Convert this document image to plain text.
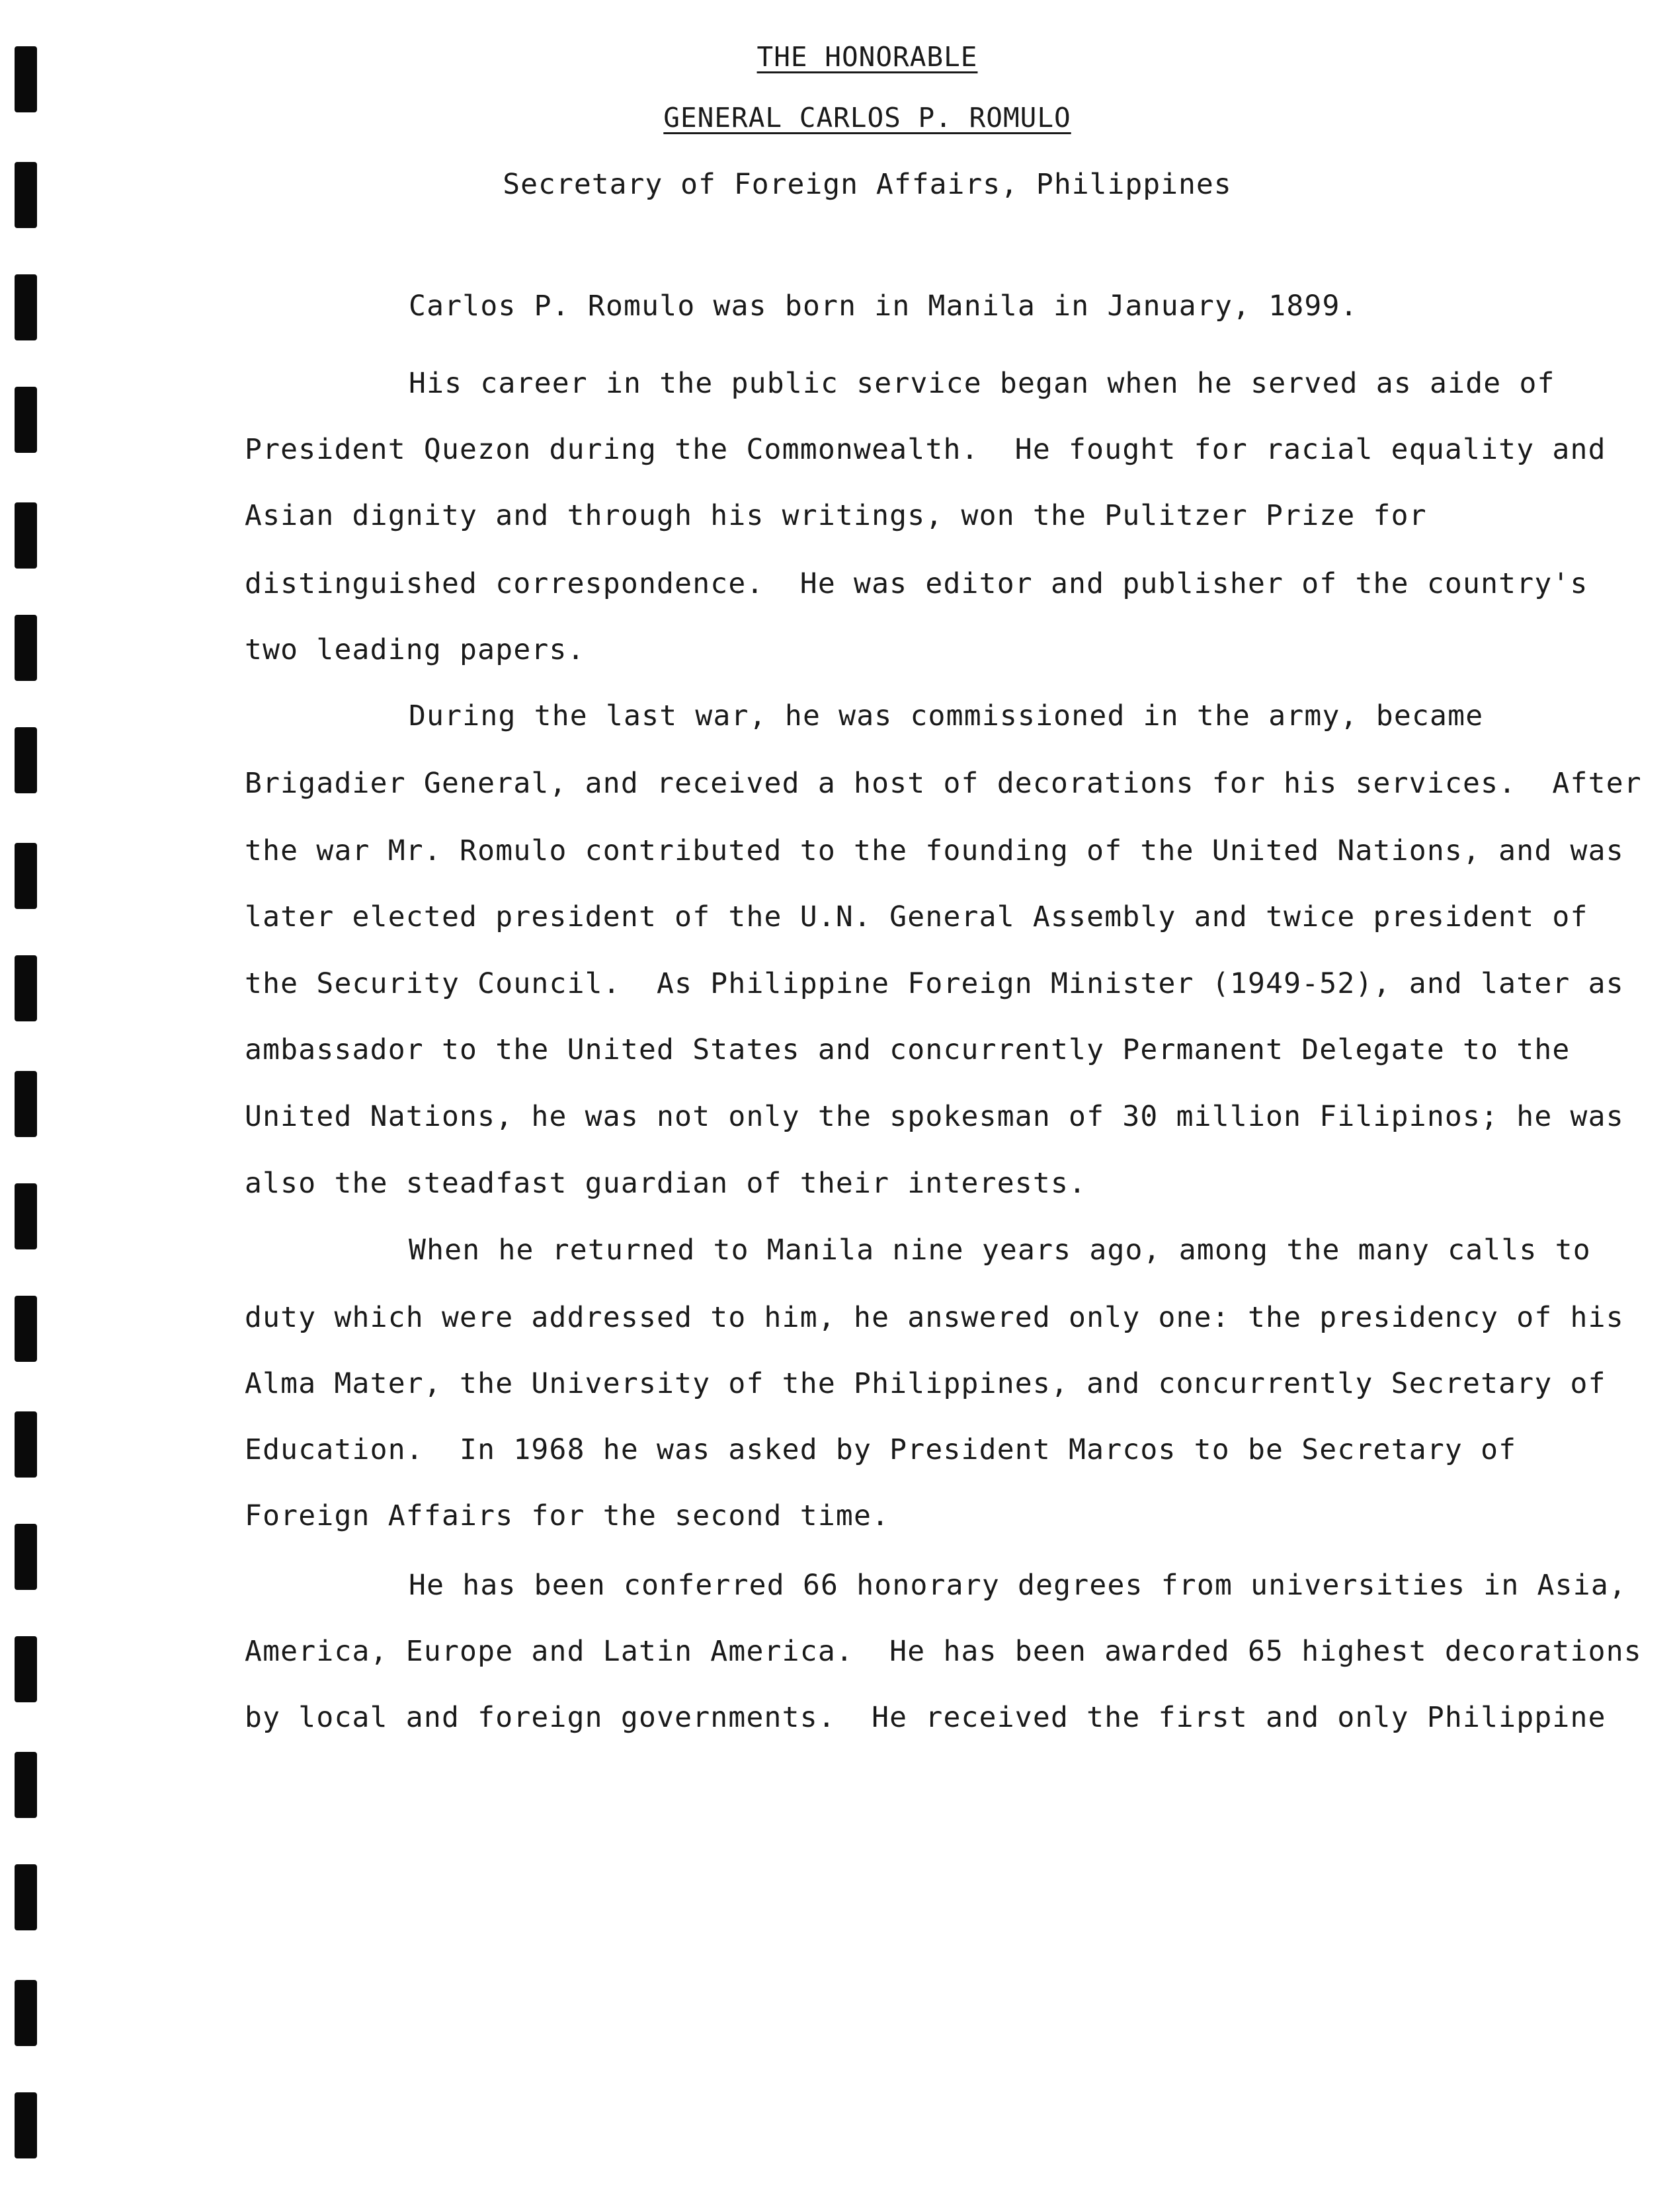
THE HONORABLE
GENERAL CARLOS P. ROMULO
Secretary of Foreign Affairs, Philippines
Carlos P. Romulo was born in Manila in January, 1899.
His career in the public service began when he served as aide of
President Quezon during the Commonwealth.  He fought for racial equality and
Asian dignity and through his writings, won the Pulitzer Prize for
distinguished correspondence.  He was editor and publisher of the country's
two leading papers.
During the last war, he was commissioned in the army, became
Brigadier General, and received a host of decorations for his services.  After
the war Mr. Romulo contributed to the founding of the United Nations, and was
later elected president of the U.N. General Assembly and twice president of
the Security Council.  As Philippine Foreign Minister (1949-52), and later as
ambassador to the United States and concurrently Permanent Delegate to the
United Nations, he was not only the spokesman of 30 million Filipinos; he was
also the steadfast guardian of their interests.
When he returned to Manila nine years ago, among the many calls to
duty which were addressed to him, he answered only one: the presidency of his
Alma Mater, the University of the Philippines, and concurrently Secretary of
Education.  In 1968 he was asked by President Marcos to be Secretary of
Foreign Affairs for the second time.
He has been conferred 66 honorary degrees from universities in Asia,
America, Europe and Latin America.  He has been awarded 65 highest decorations
by local and foreign governments.  He received the first and only Philippine
